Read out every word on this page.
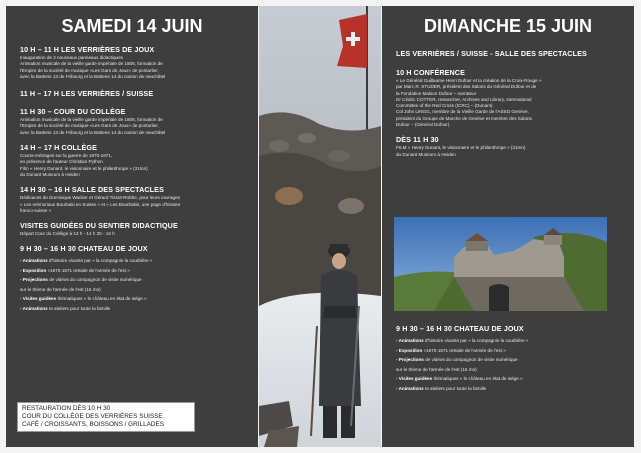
SAMEDI 14 JUIN
10 H – 11 H LES VERRIÈRES DE JOUX
Inauguration de 2 nouveaux panneaux didactiques
Animation musicale de la vieille garde impériale de 1806, formation de
l'Empire de la société de musique «Les Gars de Joux» de pontarlier,
avec la Batterie 13 de Fribourg et la Batterie 14 du canton de neuchâtel
11 H – 17 H LES VERRIÈRES / SUISSE
11 H 30 – COUR DU COLLÈGE
Animation musicale de la vieille garde impériale de 1806, formation de
l'Empire de la société de musique «Les Gars de Joux» de pontarlier,
avec la Batterie 13 de Fribourg et la Batterie 14 du canton de neuchâtel
14 H – 17 H COLLÈGE
Courts-métrages sur la guerre de 1870-1871,
en présence de l'auteur Christian Python
Film « Henry Dunant, le visionnaire et le philanthrope » (31mn)
du Dunant Museum à Heiden
14 H 30 – 16 H SALLE DES SPECTACLES
Dédicaces de Dominique Wacker et Gérard Tissot-Robbe, pour leurs ouvrages
« Les mémoriaux Bourbaki en Suisse » et « Les Bourbakis, une page d'histoire
franco-suisse »
VISITES GUIDÉES DU SENTIER DIDACTIQUE
Départ Cour du Collège à 13 h - 14 h 30 - 16 h
9 H 30 – 16 H 30 CHATEAU DE JOUX
- Animations d'histoire vivante par « la compagnie la courbière »
- Exposition «1870-1871 retraite de l'armée de l'est »
- Projections de vidéos du compagnon de visite numérique
sur le thème de l'armée de l'est (15 mn)
- Visites guidées thématiques « le château en état de siège »
- Animations et ateliers pour toute la famille
RESTAURATION DÈS 10 H 30
COUR DU COLLÈGE DES VERRIÈRES SUISSE
CAFÉ / CROISSANTS, BOISSONS / GRILLADES
DIMANCHE 15 JUIN
LES VERRIÈRES / SUISSE - SALLE DES SPECTACLES
10 H CONFÉRENCE
« Le Général Guillaume Henri Dufour et la création de la Croix-Rouge »
par Marc R. STUDER, président des Salons du Général Dufour et de
la Fondation Maison Dufour – narrateur
Dr Cédric COTTER, researcher, Archives and Library, International
Committee of the Red Cross (ICRC) – (Dunant)
Col John LINGG, membre de la Vieille Garde de l'ASSO Genève,
président du Groupe de Marche de Genève et membre des Salons
Dufour – (Général Dufour)
DÈS 11 H 30
FILM « Henry Dunant, le visionnaire et le philanthrope » (31mn)
du Dunant Museum à Heiden
9 H 30 – 16 H 30 CHATEAU DE JOUX
- Animations d'histoire vivante par « la compagnie la courbière »
- Exposition «1870-1871 retraite de l'armée de l'est »
- Projections de vidéos du compagnon de visite numérique
sur le thème de l'armée de l'est (15 mn)
- Visites guidées thématiques « le château en état de siège »
- Animations et ateliers pour toute la famille
